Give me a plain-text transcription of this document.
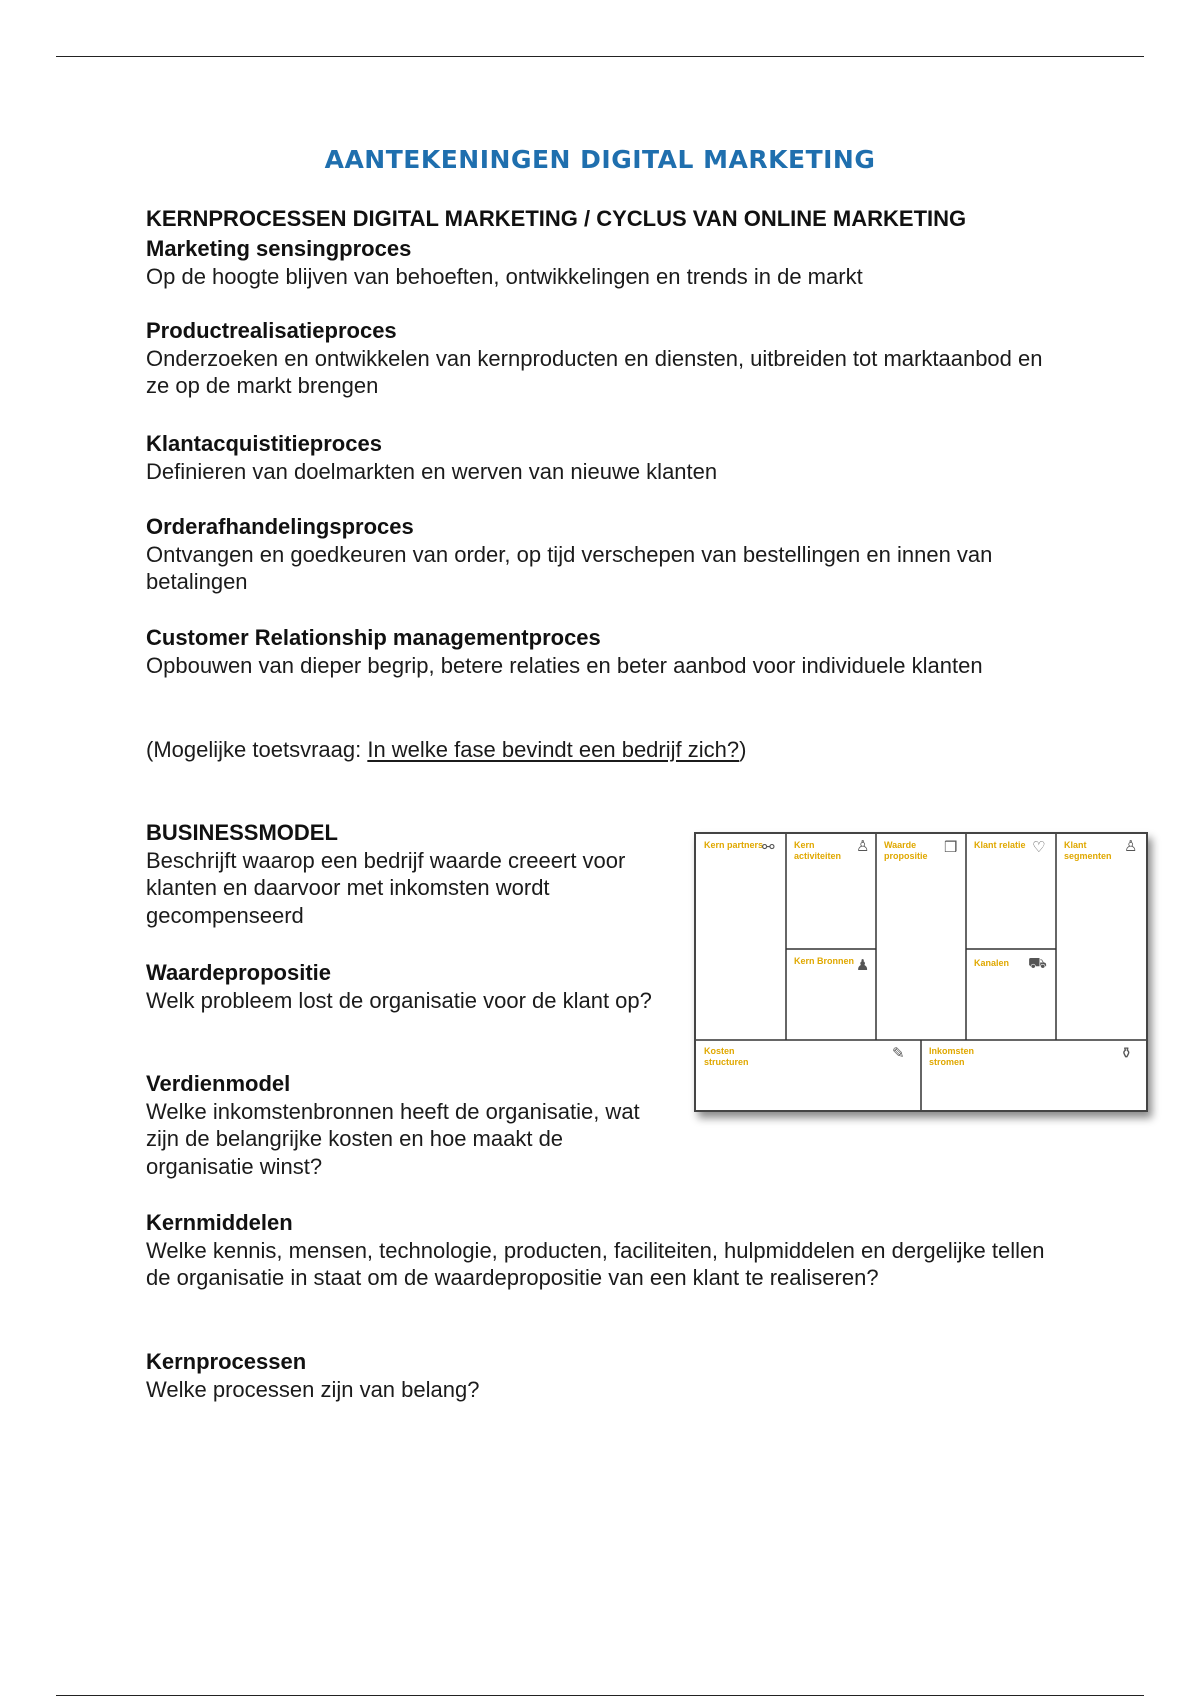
AANTEKENINGEN DIGITAL MARKETING
KERNPROCESSEN DIGITAL MARKETING / CYCLUS VAN ONLINE MARKETING
Marketing sensingproces
Op de hoogte blijven van behoeften, ontwikkelingen en trends in de markt
Productrealisatieproces
Onderzoeken en ontwikkelen van kernproducten en diensten, uitbreiden tot marktaanbod en ze op de markt brengen
Klantacquistitieproces
Definieren van doelmarkten en werven van nieuwe klanten
Orderafhandelingsproces
Ontvangen en goedkeuren van order, op tijd verschepen van bestellingen en innen van betalingen
Customer Relationship managementproces
Opbouwen van dieper begrip, betere relaties en beter aanbod voor individuele klanten
(Mogelijke toetsvraag: In welke fase bevindt een bedrijf zich?)
BUSINESSMODEL
Beschrijft waarop een bedrijf waarde creeert voor klanten en daarvoor met inkomsten wordt gecompenseerd
Waardepropositie
Welk probleem lost de organisatie voor de klant op?
Verdienmodel
Welke inkomstenbronnen heeft de organisatie, wat zijn de belangrijke kosten en hoe maakt de organisatie winst?
Kernmiddelen
Welke kennis, mensen, technologie, producten, faciliteiten, hulpmiddelen en dergelijke tellen de organisatie in staat om de waardepropositie van een klant te realiseren?
Kernprocessen
Welke processen zijn van belang?
Kern partners
⚯ Kern activiteiten
♙ Waarde propositie	❒ Klant relatie ♡ Klant segmenten
♙
Kern Bronnen ♟	Kanalen	⛟
Kosten structuren	✎	Inkomsten stromen	⚱
